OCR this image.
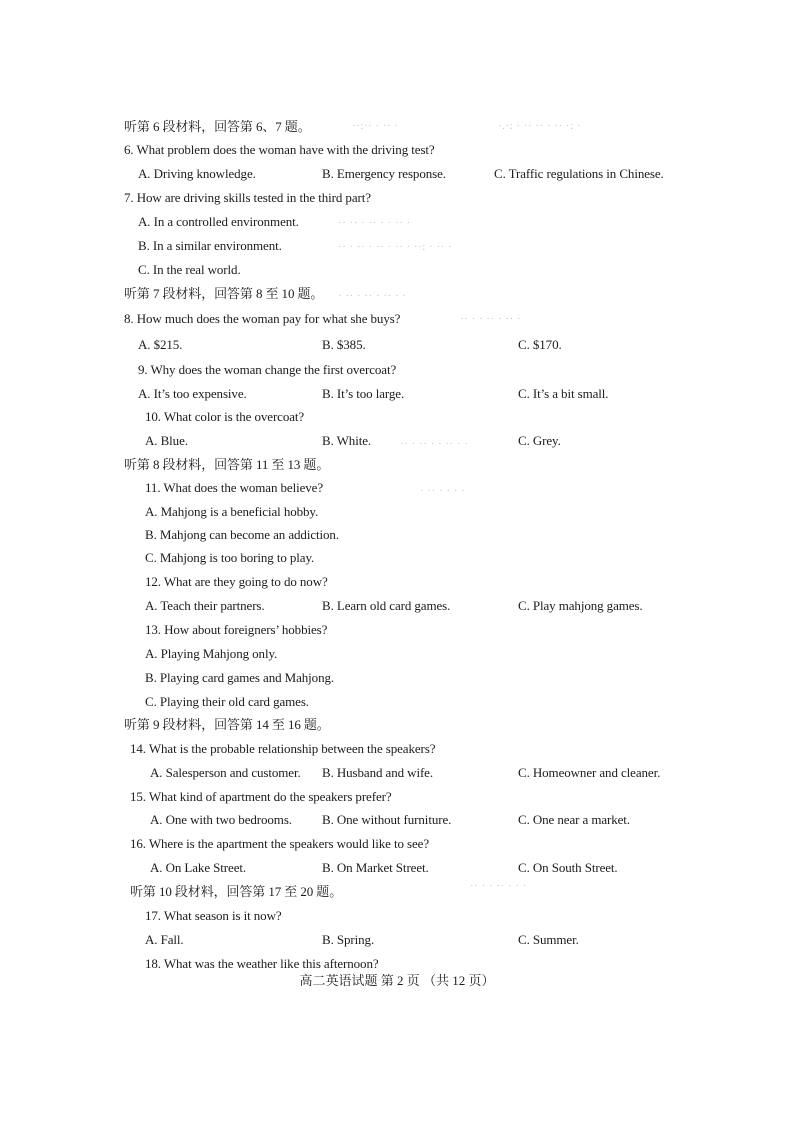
··:·· · ·· ·	·.·: · ·· ·· · ·· ·: ·
·· ·· · ·· · · ·· ·
·· · ·· · ·· · ·· · ··: · ·· ·
· ·· · ·· · ·· · ·
·· · · ·· · ·· ·
·· · ·· · · ·· · ·
· ·· · · · ·
·· · · ·· · · ·
听第 6 段材料，回答第 6、7 题。
6. What problem does the woman have with the driving test?
A. Driving knowledge.	B. Emergency response.	C. Traffic regulations in Chinese.
7. How are driving skills tested in the third part?
A. In a controlled environment.
B. In a similar environment.
C. In the real world.
听第 7 段材料，回答第 8 至 10 题。
8. How much does the woman pay for what she buys?
A. $215.	B. $385.	C. $170.
9. Why does the woman change the first overcoat?
A. It’s too expensive.	B. It’s too large.	C. It’s a bit small.
10. What color is the overcoat?
A. Blue.	B. White.	C. Grey.
听第 8 段材料，回答第 11 至 13 题。
11. What does the woman believe?
A. Mahjong is a beneficial hobby.
B. Mahjong can become an addiction.
C. Mahjong is too boring to play.
12. What are they going to do now?
A. Teach their partners.	B. Learn old card games.	C. Play mahjong games.
13. How about foreigners’ hobbies?
A. Playing Mahjong only.
B. Playing card games and Mahjong.
C. Playing their old card games.
听第 9 段材料，回答第 14 至 16 题。
14. What is the probable relationship between the speakers?
A. Salesperson and customer. B. Husband and wife.	C. Homeowner and cleaner.
15. What kind of apartment do the speakers prefer?
A. One with two bedrooms. B. One without furniture.	C. One near a market.
16. Where is the apartment the speakers would like to see?
A. On Lake Street.	B. On Market Street.	C. On South Street.
听第 10 段材料，回答第 17 至 20 题。
17. What season is it now?
A. Fall.	B. Spring.	C. Summer.
18. What was the weather like this afternoon?
高二英语试题 第 2 页 （共 12 页）
